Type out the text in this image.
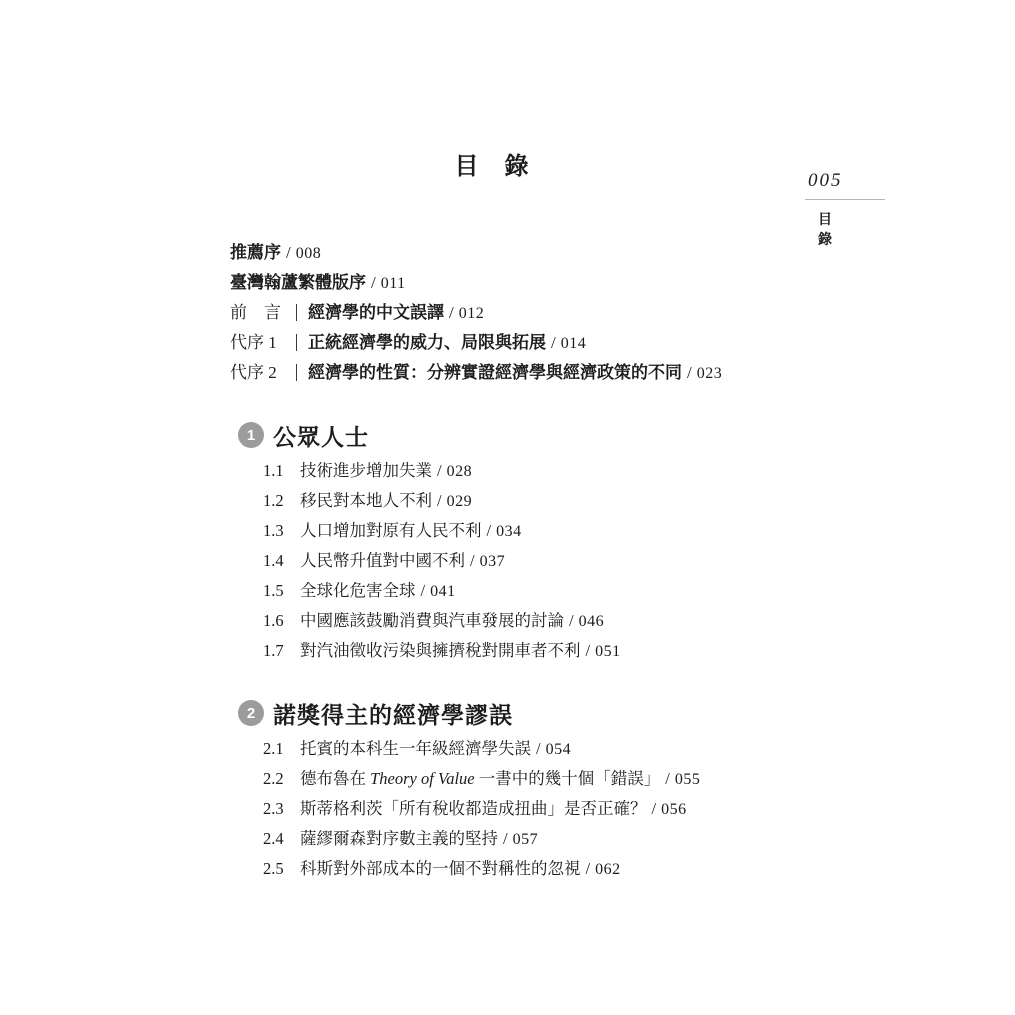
目 錄
005
目
錄
推薦序 / 008
臺灣翰蘆繁體版序 / 011
前　言 經濟學的中文誤譯 / 012
代序 1 正統經濟學的威力、局限與拓展 / 014
代序 2 經濟學的性質：分辨實證經濟學與經濟政策的不同 / 023
1 公眾人士
1.1 技術進步增加失業 / 028
1.2 移民對本地人不利 / 029
1.3 人口增加對原有人民不利 / 034
1.4 人民幣升值對中國不利 / 037
1.5 全球化危害全球 / 041
1.6 中國應該鼓勵消費與汽車發展的討論 / 046
1.7 對汽油徵收污染與擁擠稅對開車者不利 / 051
2 諾獎得主的經濟學謬誤
2.1 托賓的本科生一年級經濟學失誤 / 054
2.2 德布魯在 Theory of Value 一書中的幾十個「錯誤」 / 055
2.3 斯蒂格利茨「所有稅收都造成扭曲」是否正確？ / 056
2.4 薩繆爾森對序數主義的堅持 / 057
2.5 科斯對外部成本的一個不對稱性的忽視 / 062
